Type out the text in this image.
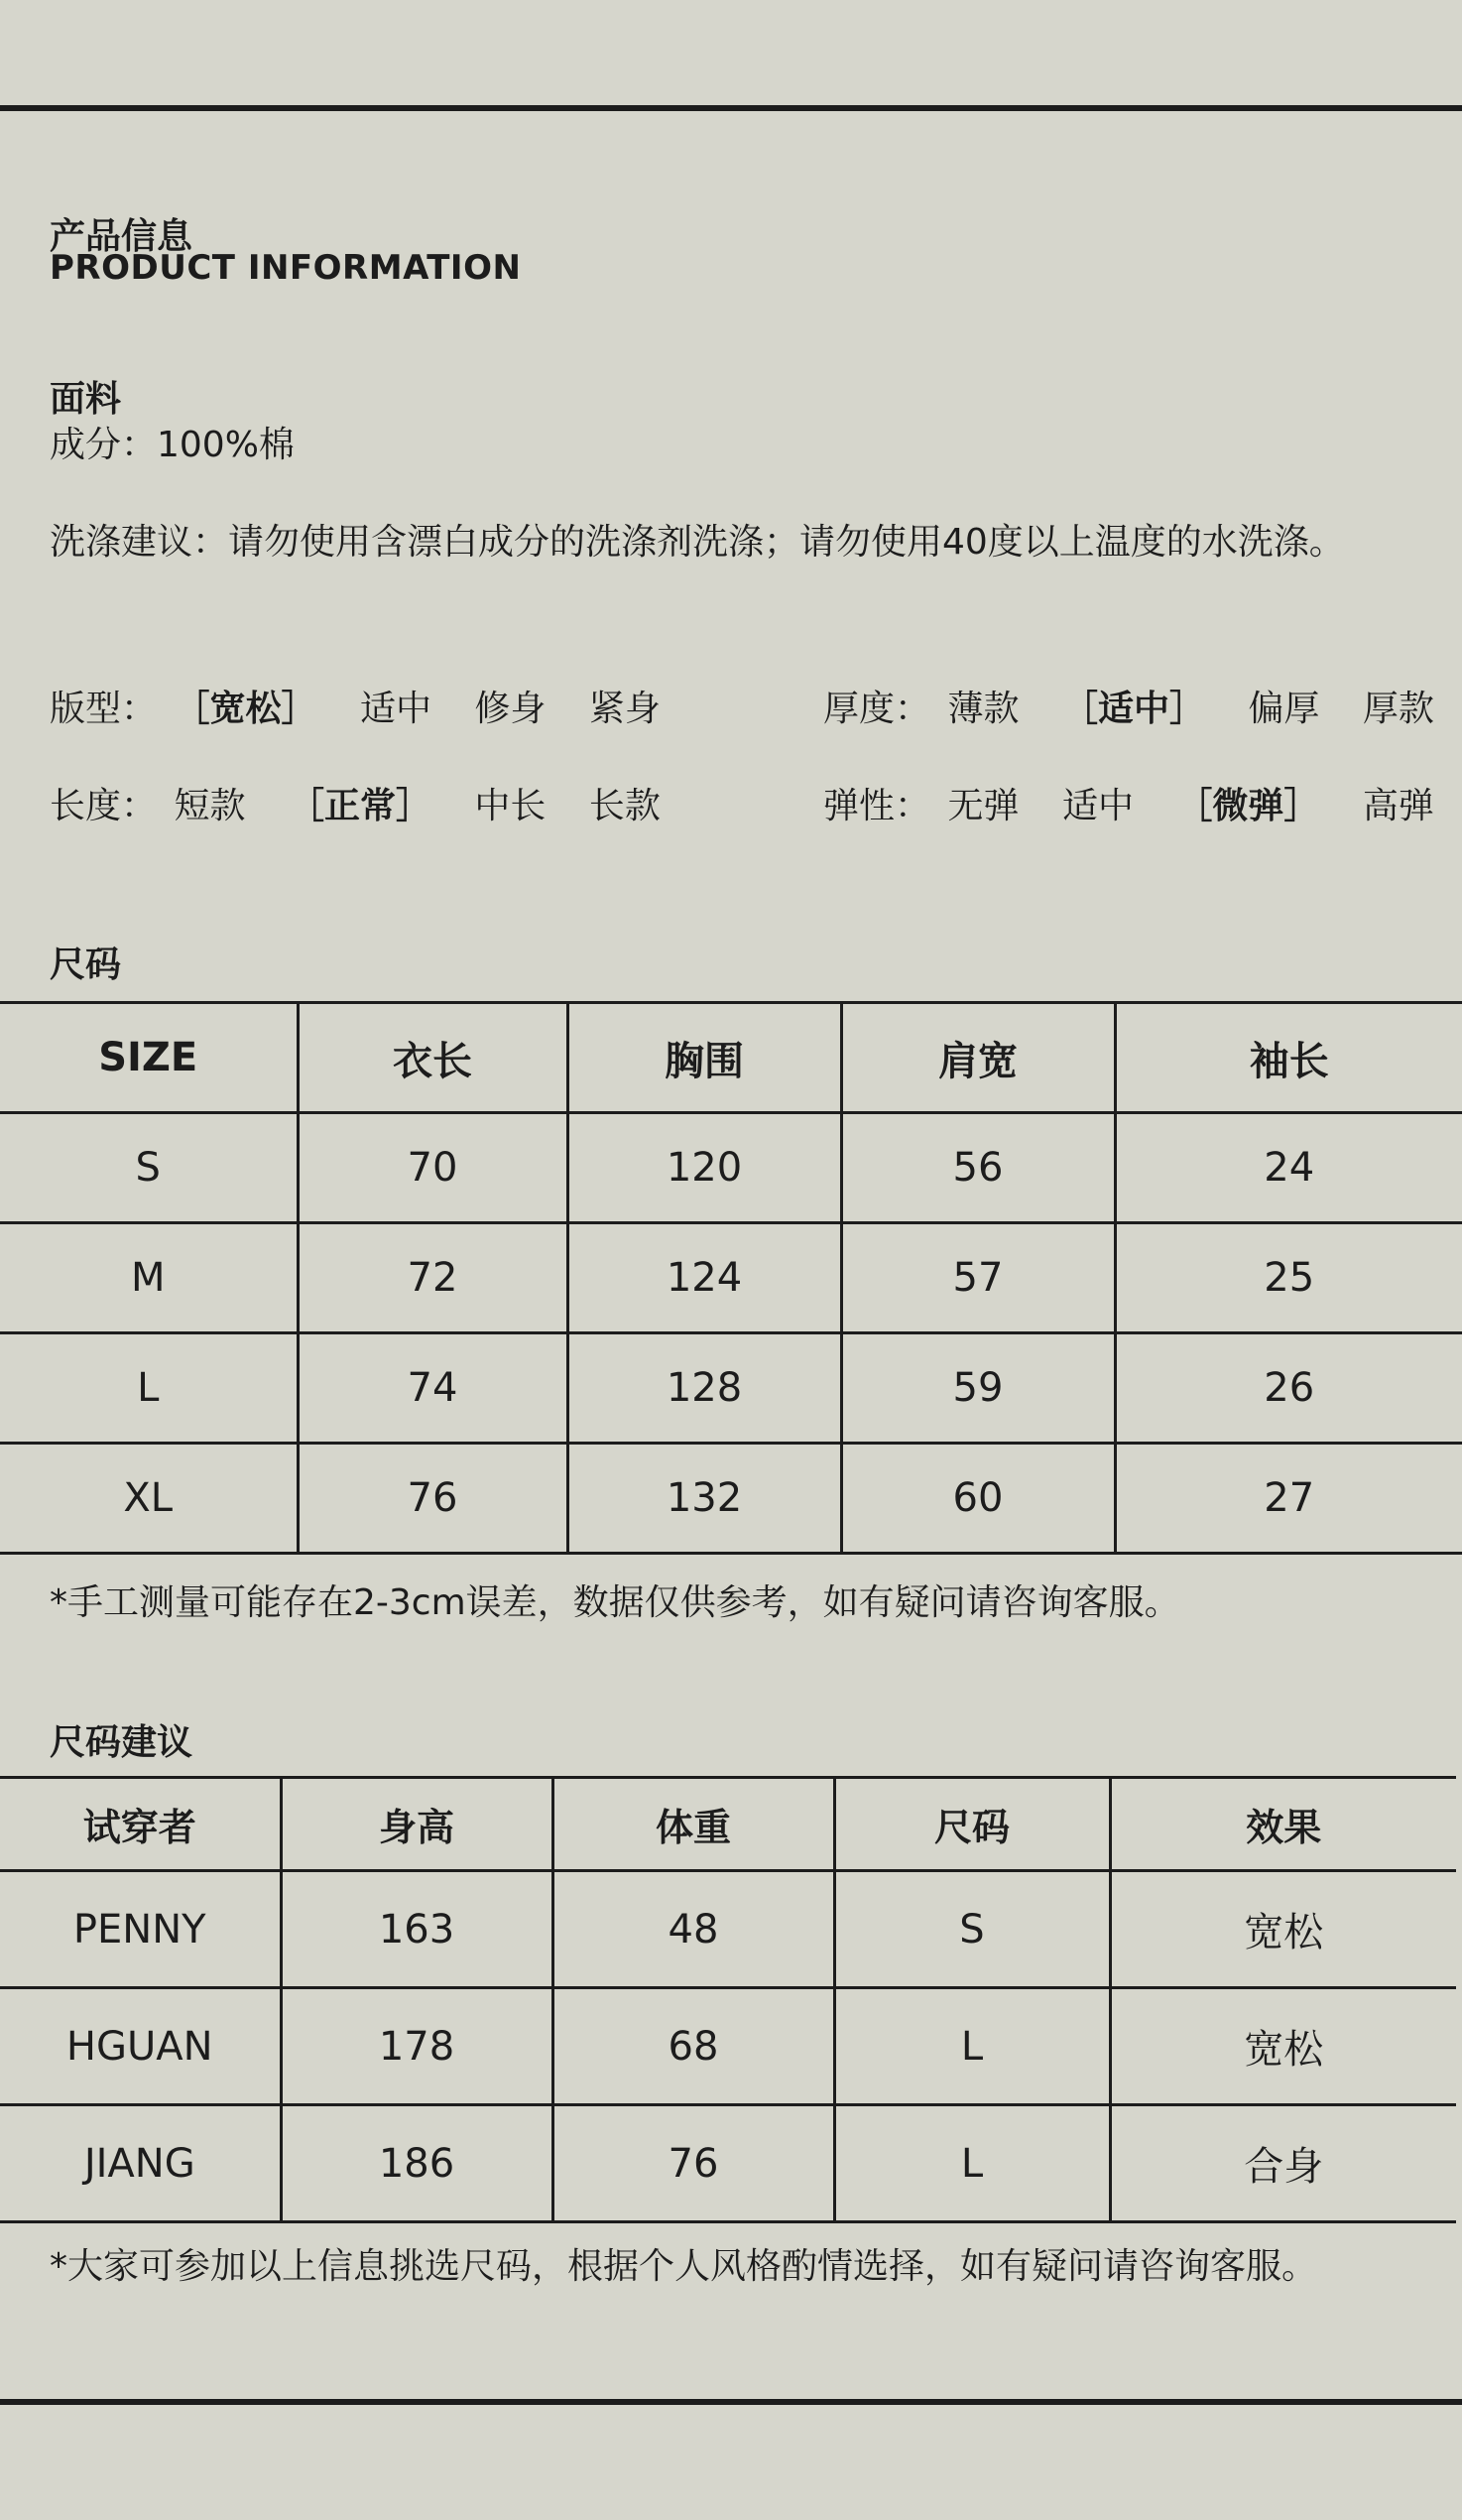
产品信息
PRODUCT INFORMATION
面料
成分：100%棉
洗涤建议：请勿使用含漂白成分的洗涤剂洗涤；请勿使用40度以上温度的水洗涤。
版型： ［宽松］ 适中 修身 紧身	厚度： 薄款 ［适中］ 偏厚 厚款
长度： 短款 ［正常］ 中长 长款	弹性： 无弹 适中 ［微弹］ 高弹
尺码
SIZE	衣长	胸围	肩宽	袖长
S	70	120	56	24
M	72	124	57	25
L	74	128	59	26
XL	76	132	60	27
*手工测量可能存在2-3cm误差，数据仅供参考，如有疑问请咨询客服。
尺码建议
试穿者	身高	体重	尺码	效果
PENNY	163	48	S	宽松
HGUAN	178	68	L	宽松
JIANG	186	76	L	合身
*大家可参加以上信息挑选尺码，根据个人风格酌情选择，如有疑问请咨询客服。
